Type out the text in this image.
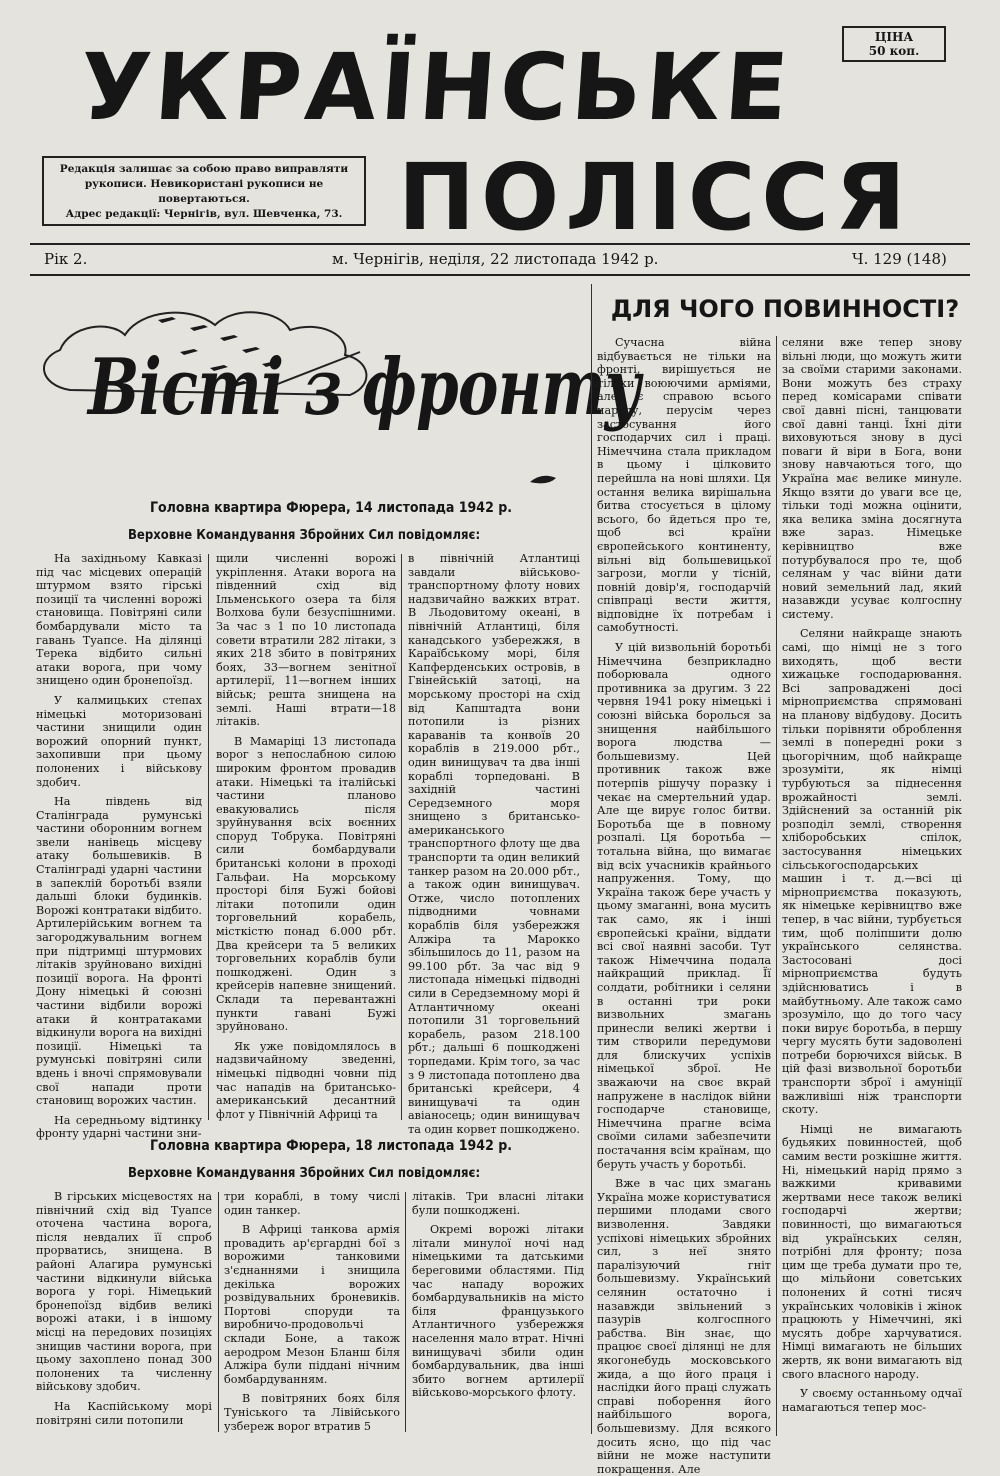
УКРАЇНСЬКЕ
ПОЛІССЯ
ЦІНА
50 коп.
Редакція залишає за собою право виправляти рукописи. Невикористані рукописи не повертаються.
Адрес редакції: Чернігів, вул. Шевченка, 73.
Рік 2.	м. Чернігів, неділя, 22 листопада 1942 р.	Ч. 129 (148)
Вісті з фронту
Головна квартира Фюрера, 14 листопада 1942 р.
Верховне Командування Збройних Сил повідомляє:

На західньому Кавказі під час місцевих операцій штурмом взято гірські позиції та численні ворожі становища. Повітряні сили бомбардували місто та гавань Туапсе. На ділянці Терека відбито сильні атаки ворога, при чому знищено один бронепоїзд.

У калмицьких степах німецькі моторизовані частини знищили один ворожий опорний пункт, захопивши при цьому полонених і військову здобич.

На південь від Сталінграда румунські частини оборонним вогнем звели нанівець місцеву атаку большевиків. В Сталінграді ударні частини в запеклій боротьбі взяли дальші блоки будинків. Ворожі контратаки відбито. Артилерійським вогнем та загороджувальним вогнем при підтримці штурмових літаків зруйновано вихідні позиції ворога. На фронті Дону німецькі й союзні частини відбили ворожі атаки й контратаками відкинули ворога на вихідні позиції. Німецькі та румунські повітряні сили вдень і вночі спрямовували свої напади проти становищ ворожих частин.

На середньому відтинку фронту ударні частини зни-

щили численні ворожі укріплення. Атаки ворога на південний схід від Ільменського озера та біля Волхова були безуспішними. За час з 1 по 10 листопада совети втратили 282 літаки, з яких 218 збито в повітряних боях, 33—вогнем зенітної артилерії, 11—вогнем інших військ; решта знищена на землі. Наші втрати—18 літаків.

В Мамаріці 13 листопада ворог з непослабною силою широким фронтом провадив атаки. Німецькі та італійські частини планово евакуювались після зруйнування всіх воєнних споруд Тобрука. Повітряні сили бомбардували британські колони в проході Гальфаи. На морському просторі біля Бужі бойові літаки потопили один торговельний корабель, місткістю понад 6.000 рбт. Два крейсери та 5 великих торговельних кораблів були пошкоджені. Один з крейсерів напевне знищений. Склади та перевантажні пункти гавані Бужі зруйновано.

Як уже повідомлялось в надзвичайному зведенні, німецькі підводні човни під час нападів на британсько-американський десантний флот у Північній Африці та

в північній Атлантиці завдали військово-транспортному флоту нових надзвичайно важких втрат. В Льодовитому океані, в північній Атлантиці, біля канадського узбережжя, в Караїбському морі, біля Капферденських островів, в Гвінейській затоці, на морському просторі на схід від Капштадта вони потопили із різних караванів та конвоїв 20 кораблів в 219.000 рбт., один винищувач та два інші кораблі торпедовані. В західній частині Середземного моря знищено з британсько-американського транспортного флоту ще два транспорти та один великий танкер разом на 20.000 рбт., а також один винищувач. Отже, число потоплених підводними човнами кораблів біля узбережжя Алжіра та Марокко збільшилось до 11, разом на 99.100 рбт. За час від 9 листопада німецькі підводні сили в Середземному морі й Атлантичному океані потопили 31 торговельний корабель, разом 218.100 рбт.; дальші 6 пошкоджені торпедами. Крім того, за час з 9 листопада потоплено два британські крейсери, 4 винищувачі та один авіаносець; один винищувач та один корвет пошкоджено.

Головна квартира Фюрера, 18 листопада 1942 р.
Верховне Командування Збройних Сил повідомляє:

В гірських місцевостях на північний схід від Туапсе оточена частина ворога, після невдалих її спроб прорватись, знищена. В районі Алагира румунські частини відкинули війська ворога у горі. Німецький бронепоїзд відбив великі ворожі атаки, і в іншому місці на передових позиціях знищив частини ворога, при цьому захоплено понад 300 полонених та численну військову здобич.

На Каспійському морі повітряні сили потопили

три кораблі, в тому числі один танкер.

В Африці танкова армія провадить ар'єргардні бої з ворожими танковими з'єднаннями і знищила декілька ворожих розвідувальних броневиків. Портові споруди та виробничо-продовольчі склади Боне, а також аеродром Мезон Бланш біля Алжіра були піддані нічним бомбардуванням.

В повітряних боях біля Туніського та Лівійського узбереж ворог втратив 5

літаків. Три власні літаки були пошкоджені.

Окремі ворожі літаки літали минулої ночі над німецькими та датськими береговими областями. Під час нападу ворожих бомбардувальників на місто біля французького Атлантичного узбережжя населення мало втрат. Нічні винищувачі збили один бомбардувальник, два інші збито вогнем артилерії військово-морського флоту.

ДЛЯ ЧОГО ПОВИННОСТІ?

Сучасна війна відбувається не тільки на фронті, вирішується не тільки воюючими арміями, але є справою всього народу, перусім через застосування його господарчих сил і праці. Німеччина стала прикладом в цьому і цілковито перейшла на нові шляхи. Ця остання велика вирішальна битва стосується в цілому всього, бо йдеться про те, щоб всі країни європейського континенту, вільні від большевицької загрози, могли у тісній, повній довір'я, господарчій співпраці вести життя, відповідне їх потребам і самобутності.

У цій визвольній боротьбі Німеччина безприкладно поборювала одного противника за другим. З 22 червня 1941 року німецькі і союзні війська боролься за знищення найбільшого ворога людства — большевизму. Цей противник також вже потерпів рішучу поразку і чекає на смертельний удар. Але ще вирує голос битви. Боротьба ще в повному розпалі. Ця боротьба — тотальна війна, що вимагає від всіх учасників крайнього напруження. Тому, що Україна також бере участь у цьому змаганні, вона мусить так само, як і інші європейські країни, віддати всі свої наявні засоби. Тут також Німеччина подала найкращий приклад. Її солдати, робітники і селяни в останні три роки визвольних змагань принесли великі жертви і тим створили передумови для блискучих успіхів німецької зброї. Не зважаючи на своє вкрай напружене в наслідок війни господарче становище, Німеччина прагне всіма своїми силами забезпечити постачання всім країнам, що беруть участь у боротьбі.

Вже в час цих змагань Україна може користуватися першими плодами свого визволення. Завдяки успіхові німецьких збройних сил, з неї знято паралізуючий гніт большевизму. Український селянин остаточно і назавжди звільнений з пазурів колгоспного рабства. Він знає, що працює своєї ділянці не для якогонебудь московського жида, а що його праця і наслідки його праці служать справі поборення його найбільшого ворога, большевизму. Для всякого досить ясно, що під час війни не може наступити покращення. Але

селяни вже тепер знову вільні люди, що можуть жити за своїми старими законами. Вони можуть без страху перед комісарами співати свої давні пісні, танцювати свої давні танці. Їхні діти виховуються знову в дусі поваги й віри в Бога, вони знову навчаються того, що Україна має велике минуле. Якщо взяти до уваги все це, тільки тоді можна оцінити, яка велика зміна досягнута вже зараз. Німецьке керівництво вже потурбувалося про те, щоб селянам у час війни дати новий земельний лад, який назавжди усуває колгоспну систему.

Селяни найкраще знають самі, що німці не з того виходять, щоб вести хижацьке господарювання. Всі запроваджені досі мірноприємства спрямовані на планову відбудову. Досить тільки порівняти оброблення землі в попередні роки з цьогорічним, щоб найкраще зрозуміти, як німці турбуються за піднесення врожайності землі. Здійснений за останній рік розподіл землі, створення хліборобських спілок, застосування німецьких сільськогосподарських машин і т. д.—всі ці мірноприємства показують, як німецьке керівництво вже тепер, в час війни, турбується тим, щоб поліпшити долю українського селянства. Застосовані досі мірноприємства будуть здійснюватись і в майбутньому. Але також само зрозуміло, що до того часу поки вирує боротьба, в першу чергу мусять бути задоволені потреби борючихся військ. В цій фазі визвольної боротьби транспорти зброї і амуніції важливіші ніж транспорти скоту.

Німці не вимагають будьяких повинностей, щоб самим вести розкішне життя. Ні, німецький нарід прямо з важкими кривавими жертвами несе також великі господарчі жертви; повинності, що вимагаються від українських селян, потрібні для фронту; поза цим ще треба думати про те, що мільйони советських полонених й сотні тисяч українських чоловіків і жінок працюють у Німеччині, які мусять добре харчуватися. Німці вимагають не більших жертв, як вони вимагають від свого власного народу.

У своєму останньому одчаї намагаються тепер мос-
